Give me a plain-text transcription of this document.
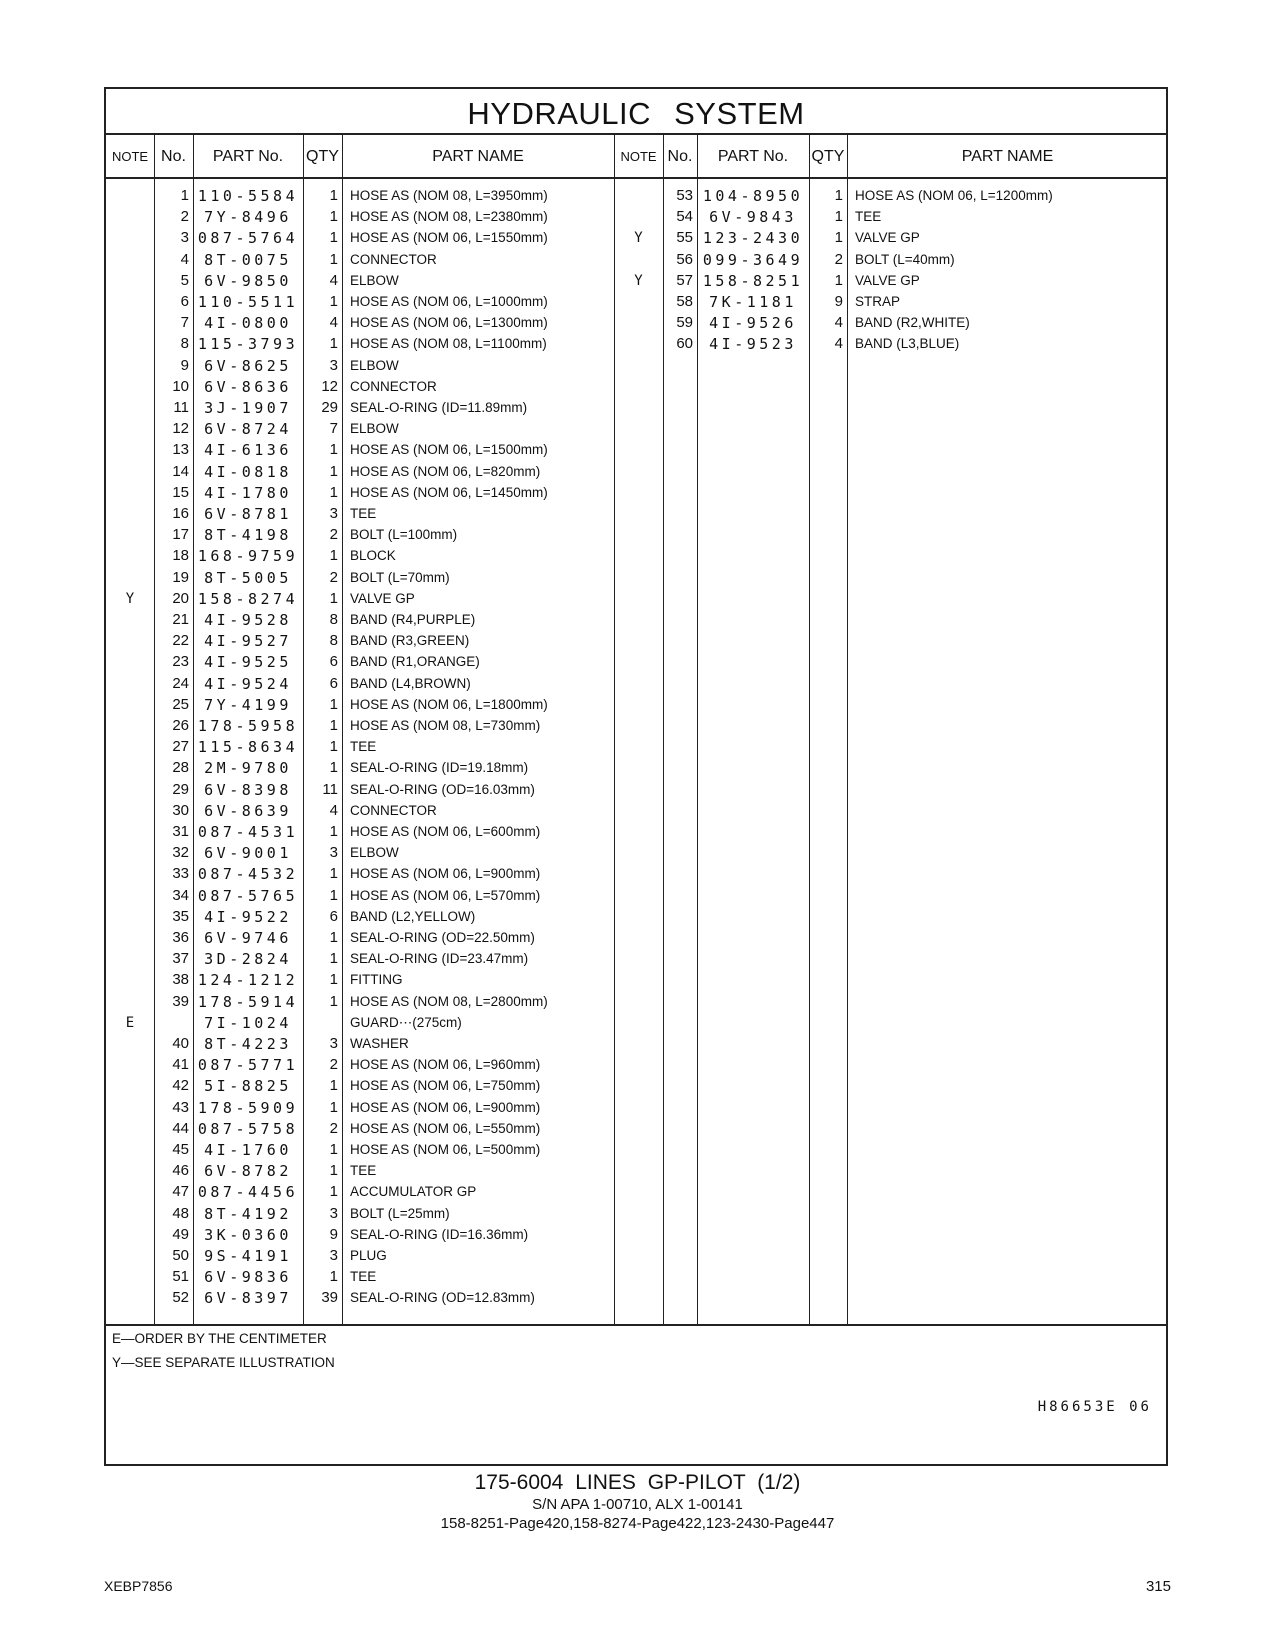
HYDRAULIC SYSTEM
NOTE No.	PART No.	QTY	PART NAME	NOTE No.	PART No.	QTY	PART NAME
1 110-5584	1 HOSE AS (NOM 08, L=3950mm)
2	7Y-8496	1 HOSE AS (NOM 08, L=2380mm)
3 087-5764	1 HOSE AS (NOM 06, L=1550mm)
4	8T-0075	1 CONNECTOR
5	6V-9850	4 ELBOW
6 110-5511	1 HOSE AS (NOM 06, L=1000mm)
7	4I-0800	4 HOSE AS (NOM 06, L=1300mm)
8 115-3793	1 HOSE AS (NOM 08, L=1100mm)
9	6V-8625	3 ELBOW
10	6V-8636	12 CONNECTOR
11	3J-1907	29 SEAL-O-RING (ID=11.89mm)
12	6V-8724	7 ELBOW
13	4I-6136	1 HOSE AS (NOM 06, L=1500mm)
14	4I-0818	1 HOSE AS (NOM 06, L=820mm)
15	4I-1780	1 HOSE AS (NOM 06, L=1450mm)
16	6V-8781	3 TEE
17	8T-4198	2 BOLT (L=100mm)
18 168-9759	1 BLOCK
19	8T-5005	2 BOLT (L=70mm)
Y	20 158-8274	1 VALVE GP
21	4I-9528	8 BAND (R4,PURPLE)
22	4I-9527	8 BAND (R3,GREEN)
23	4I-9525	6 BAND (R1,ORANGE)
24	4I-9524	6 BAND (L4,BROWN)
25	7Y-4199	1 HOSE AS (NOM 06, L=1800mm)
26 178-5958	1 HOSE AS (NOM 08, L=730mm)
27 115-8634	1 TEE
28	2M-9780	1 SEAL-O-RING (ID=19.18mm)
29	6V-8398	11 SEAL-O-RING (OD=16.03mm)
30	6V-8639	4 CONNECTOR
31 087-4531	1 HOSE AS (NOM 06, L=600mm)
32	6V-9001	3 ELBOW
33 087-4532	1 HOSE AS (NOM 06, L=900mm)
34 087-5765	1 HOSE AS (NOM 06, L=570mm)
35	4I-9522	6 BAND (L2,YELLOW)
36	6V-9746	1 SEAL-O-RING (OD=22.50mm)
37	3D-2824	1 SEAL-O-RING (ID=23.47mm)
38 124-1212	1 FITTING
39 178-5914	1 HOSE AS (NOM 08, L=2800mm)
E	7I-1024	GUARD⋯(275cm)
40	8T-4223	3 WASHER
41 087-5771	2 HOSE AS (NOM 06, L=960mm)
42	5I-8825	1 HOSE AS (NOM 06, L=750mm)
43 178-5909	1 HOSE AS (NOM 06, L=900mm)
44 087-5758	2 HOSE AS (NOM 06, L=550mm)
45	4I-1760	1 HOSE AS (NOM 06, L=500mm)
46	6V-8782	1 TEE
47 087-4456	1 ACCUMULATOR GP
48	8T-4192	3 BOLT (L=25mm)
49	3K-0360	9 SEAL-O-RING (ID=16.36mm)
50	9S-4191	3 PLUG
51	6V-9836	1 TEE
52	6V-8397	39 SEAL-O-RING (OD=12.83mm)
53 104-8950	1 HOSE AS (NOM 06, L=1200mm)
54	6V-9843	1 TEE
Y	55 123-2430	1 VALVE GP
56 099-3649	2 BOLT (L=40mm)
Y	57 158-8251	1 VALVE GP
58	7K-1181	9 STRAP
59	4I-9526	4 BAND (R2,WHITE)
60	4I-9523	4 BAND (L3,BLUE)
E—ORDER BY THE CENTIMETER
Y—SEE SEPARATE ILLUSTRATION
H86653E 06
175-6004 LINES GP-PILOT (1/2)
S/N APA 1-00710, ALX 1-00141
158-8251-Page420,158-8274-Page422,123-2430-Page447
XEBP7856	315
